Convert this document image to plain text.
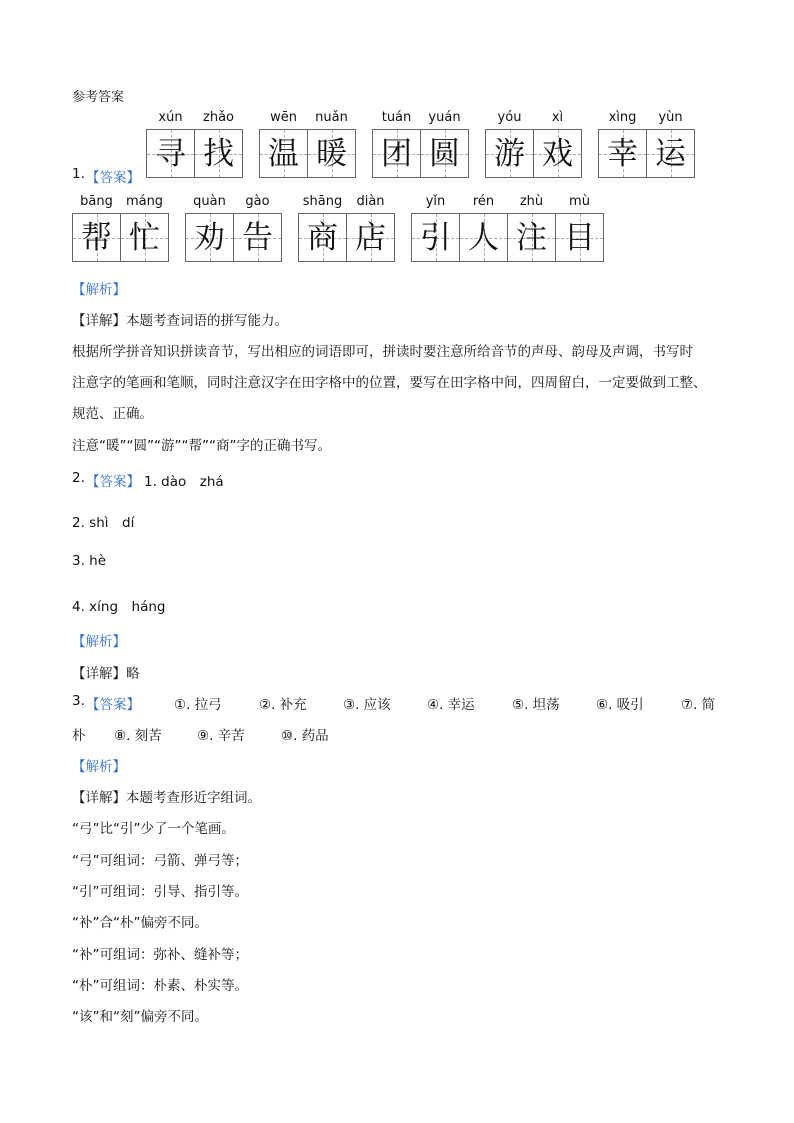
参考答案
1. 【答案】
xún	zhǎo
寻 找
wēn	nuǎn
温 暖
tuán	yuán
团 圆
yóu	xì
游 戏
xìng	yùn
幸 运
bāng	máng
帮 忙
quàn	gào
劝 告
shāng	diàn
商 店
yǐn	rén	zhù	mù
引 人 注 目
【解析】
【详解】本题考查词语的拼写能力。
根据所学拼音知识拼读音节，写出相应的词语即可，拼读时要注意所给音节的声母、韵母及声调，书写时
注意字的笔画和笔顺，同时注意汉字在田字格中的位置，要写在田字格中间，四周留白，一定要做到工整、
规范、正确。
注意“暖”“圆”“游”“帮”“商”字的正确书写。
2. 【答案】 1. dào　zhá
2. shì　dí
3. hè
4. xíng　háng
【解析】
【详解】略
3. 【答案】	①. 拉弓	②. 补充	③. 应该	④. 幸运	⑤. 坦荡	⑥. 吸引	⑦. 简
朴 ⑧. 刻苦	⑨. 辛苦	⑩. 药品
【解析】
【详解】本题考查形近字组词。
“弓”比“引”少了一个笔画。
“弓”可组词：弓箭、弹弓等；
“引”可组词：引导、指引等。
“补”合“朴”偏旁不同。
“补”可组词：弥补、缝补等；
“朴”可组词：朴素、朴实等。
“该”和“刻”偏旁不同。
